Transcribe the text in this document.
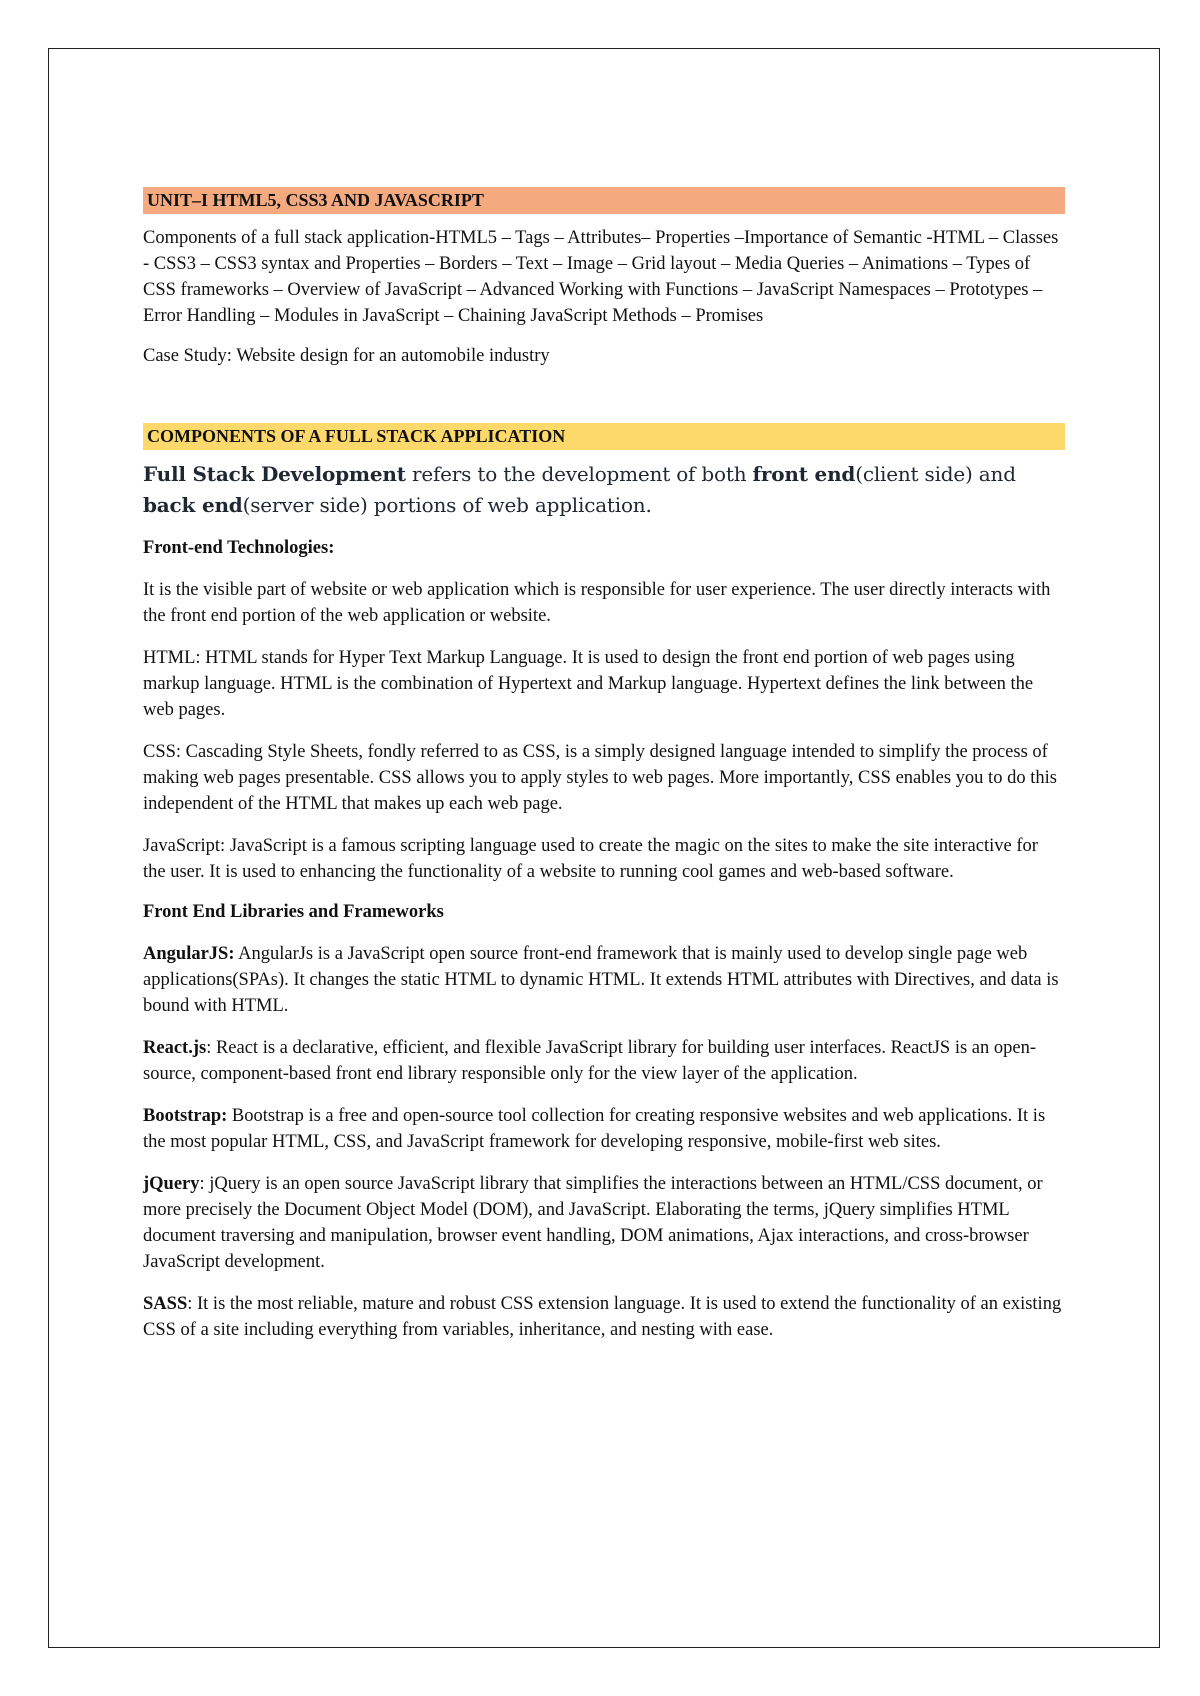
UNIT–I HTML5, CSS3 AND JAVASCRIPT

Components of a full stack application-HTML5 – Tags – Attributes– Properties –Importance of Semantic -HTML – Classes - CSS3 – CSS3 syntax and Properties – Borders – Text – Image – Grid layout – Media Queries – Animations – Types of CSS frameworks – Overview of JavaScript – Advanced Working with Functions – JavaScript Namespaces – Prototypes – Error Handling – Modules in JavaScript – Chaining JavaScript Methods – Promises

Case Study: Website design for an automobile industry

COMPONENTS OF A FULL STACK APPLICATION

Full Stack Development refers to the development of both front end(client side) and back end(server side) portions of web application.

Front-end Technologies:

It is the visible part of website or web application which is responsible for user experience. The user directly interacts with the front end portion of the web application or website.

HTML: HTML stands for Hyper Text Markup Language. It is used to design the front end portion of web pages using markup language. HTML is the combination of Hypertext and Markup language. Hypertext defines the link between the web pages.

CSS: Cascading Style Sheets, fondly referred to as CSS, is a simply designed language intended to simplify the process of making web pages presentable. CSS allows you to apply styles to web pages. More importantly, CSS enables you to do this independent of the HTML that makes up each web page.

JavaScript: JavaScript is a famous scripting language used to create the magic on the sites to make the site interactive for the user. It is used to enhancing the functionality of a website to running cool games and web-based software.

Front End Libraries and Frameworks

AngularJS: AngularJs is a JavaScript open source front-end framework that is mainly used to develop single page web applications(SPAs). It changes the static HTML to dynamic HTML. It extends HTML attributes with Directives, and data is bound with HTML.

React.js: React is a declarative, efficient, and flexible JavaScript library for building user interfaces. ReactJS is an open-source, component-based front end library responsible only for the view layer of the application.

Bootstrap: Bootstrap is a free and open-source tool collection for creating responsive websites and web applications. It is the most popular HTML, CSS, and JavaScript framework for developing responsive, mobile-first web sites.

jQuery: jQuery is an open source JavaScript library that simplifies the interactions between an HTML/CSS document, or more precisely the Document Object Model (DOM), and JavaScript. Elaborating the terms, jQuery simplifies HTML document traversing and manipulation, browser event handling, DOM animations, Ajax interactions, and cross-browser JavaScript development.

SASS: It is the most reliable, mature and robust CSS extension language. It is used to extend the functionality of an existing CSS of a site including everything from variables, inheritance, and nesting with ease.
